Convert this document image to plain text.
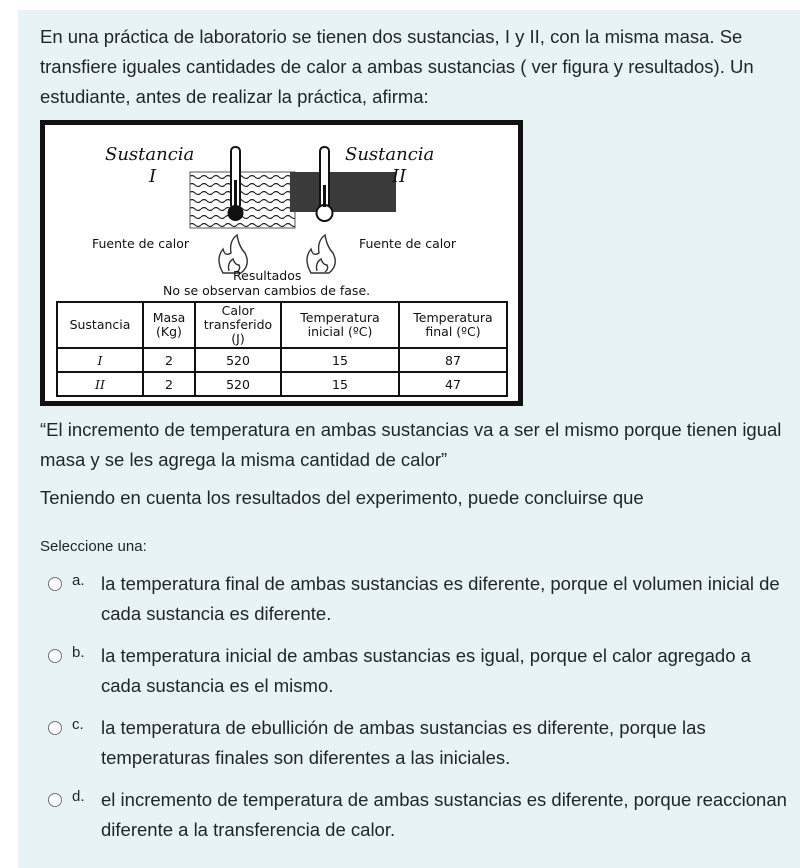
En una práctica de laboratorio se tienen dos sustancias, I y II, con la misma masa. Se transfiere iguales cantidades de calor a ambas sustancias ( ver figura y resultados). Un estudiante, antes de realizar la práctica, afirma:
Sustancia
I
Sustancia
II
Fuente de calor	Fuente de calor
Resultados
No se observan cambios de fase.
Sustancia	Masa (Kg)	Calor transferido (J)	Temperatura inicial (ºC)	Temperatura final (ºC)
I	2	520	15	87
II	2	520	15	47
“El incremento de temperatura en ambas sustancias va a ser el mismo porque tienen igual masa y se les agrega la misma cantidad de calor”
Teniendo en cuenta los resultados del experimento, puede concluirse que
Seleccione una:
a. la temperatura final de ambas sustancias es diferente, porque el volumen inicial de cada sustancia es diferente.
b. la temperatura inicial de ambas sustancias es igual, porque el calor agregado a cada sustancia es el mismo.
c. la temperatura de ebullición de ambas sustancias es diferente, porque las temperaturas finales son diferentes a las iniciales.
d. el incremento de temperatura de ambas sustancias es diferente, porque reaccionan diferente a la transferencia de calor.
